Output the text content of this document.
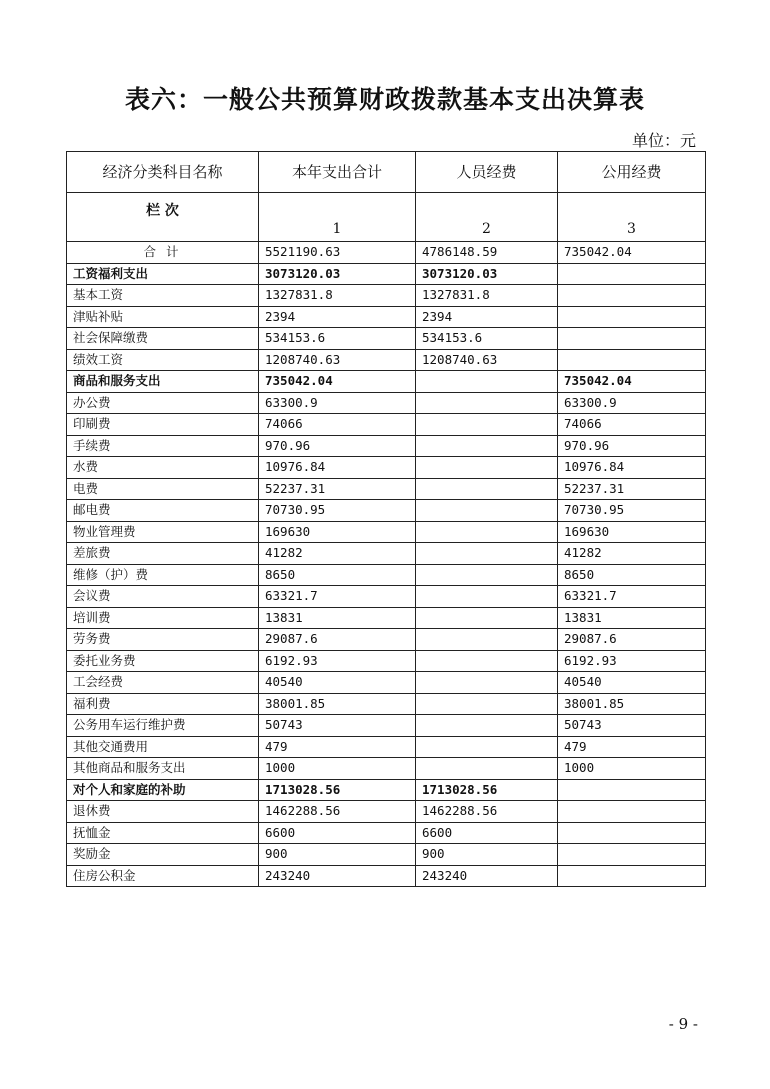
表六：一般公共预算财政拨款基本支出决算表
单位：元
经济分类科目名称	本年支出合计	人员经费	公用经费
栏 次	1	2	3
合 计	5521190.63	4786148.59	735042.04
工资福利支出	3073120.03	3073120.03	
基本工资	1327831.8	1327831.8	
津贴补贴	2394	2394	
社会保障缴费	534153.6	534153.6	
绩效工资	1208740.63	1208740.63	
商品和服务支出	735042.04		735042.04
办公费	63300.9		63300.9
印刷费	74066		74066
手续费	970.96		970.96
水费	10976.84		10976.84
电费	52237.31		52237.31
邮电费	70730.95		70730.95
物业管理费	169630		169630
差旅费	41282		41282
维修（护）费	8650		8650
会议费	63321.7		63321.7
培训费	13831		13831
劳务费	29087.6		29087.6
委托业务费	6192.93		6192.93
工会经费	40540		40540
福利费	38001.85		38001.85
公务用车运行维护费	50743		50743
其他交通费用	479		479
其他商品和服务支出	1000		1000
对个人和家庭的补助	1713028.56	1713028.56	
退休费	1462288.56	1462288.56	
抚恤金	6600	6600	
奖励金	900	900	
住房公积金	243240	243240	
- 9 -
